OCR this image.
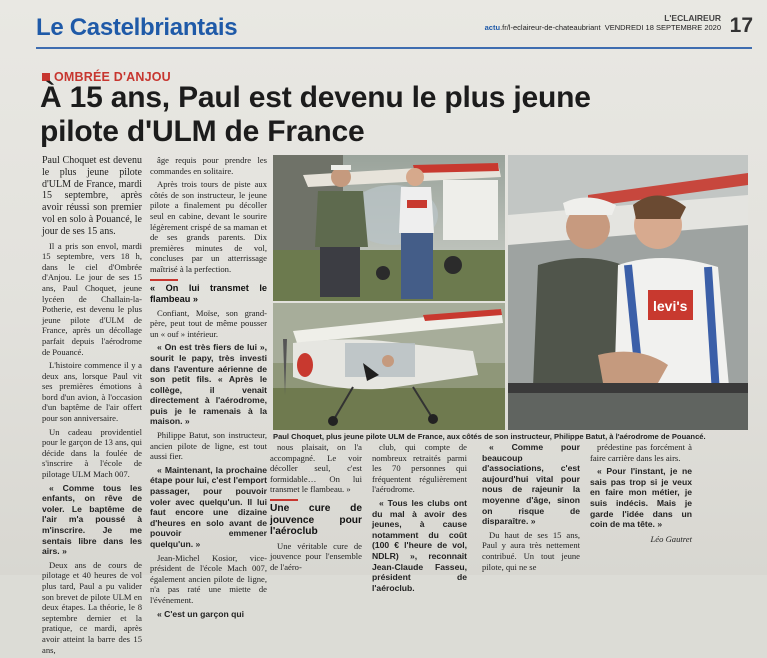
Le Castelbriantais	L'ECLAIREUR
actu.fr/l-eclaireur-de-chateaubriant VENDREDI 18 SEPTEMBRE 2020 17
OMBRÉE D'ANJOU
À 15 ans, Paul est devenu le plus jeune
pilote d'ULM de France

Paul Choquet est devenu le plus jeune pilote d'ULM de France, mardi 15 septembre, après avoir réussi son premier vol en solo à Pouancé, le jour de ses 15 ans.

Il a pris son envol, mardi 15 septembre, vers 18 h, dans le ciel d'Ombrée d'Anjou. Le jour de ses 15 ans, Paul Choquet, jeune lycéen de Challain-la-Potherie, est devenu le plus jeune pilote d'ULM de France, après un décollage parfait depuis l'aérodrome de Pouancé.

L'histoire commence il y a deux ans, lorsque Paul vit ses premières émotions à bord d'un avion, à l'occasion d'un baptême de l'air offert pour son anniversaire.

Un cadeau providentiel pour le garçon de 13 ans, qui décide dans la foulée de s'inscrire à l'école de pilotage ULM Mach 007.

« Comme tous les enfants, on rêve de voler. Le baptême de l'air m'a poussé à m'inscrire. Je me sentais libre dans les airs. »

Deux ans de cours de pilotage et 40 heures de vol plus tard, Paul a pu valider son brevet de pilote ULM en deux étapes. La théorie, le 8 septembre dernier et la pratique, ce mardi, après avoir atteint la barre des 15 ans,

âge requis pour prendre les commandes en solitaire.

Après trois tours de piste aux côtés de son instructeur, le jeune pilote a finalement pu décoller seul en cabine, devant le sourire légèrement crispé de sa maman et de ses grands parents. Dix premières minutes de vol, concluses par un atterrissage maîtrisé à la perfection.

« On lui transmet le flambeau »

Confiant, Moïse, son grand-père, peut tout de même pousser un « ouf » intérieur.

« On est très fiers de lui », sourit le papy, très investi dans l'aventure aérienne de son petit fils. « Après le collège, il venait directement à l'aérodrome, puis je le ramenais à la maison. »

Philippe Batut, son instructeur, ancien pilote de ligne, est tout aussi fier.

« Maintenant, la prochaine étape pour lui, c'est l'emport passager, pour pouvoir voler avec quelqu'un. Il lui faut encore une dizaine d'heures en solo avant de pouvoir emmener quelqu'un. »

Jean-Michel Kosior, vice-président de l'école Mach 007, également ancien pilote de ligne, n'a pas raté une miette de l'événement.

« C'est un garçon qui

levi's
Paul Choquet, plus jeune pilote ULM de France, aux côtés de son instructeur, Philippe Batut, à l'aérodrome de Pouancé.

nous plaisait, on l'a accompagné. Le voir décoller seul, c'est formidable… On lui transmet le flambeau. »

Une cure de jouvence pour l'aéroclub

Une véritable cure de jouvence pour l'ensemble de l'aéro-

club, qui compte de nombreux retraités parmi les 70 personnes qui fréquentent régulièrement l'aérodrome.

« Tous les clubs ont du mal à avoir des jeunes, à cause notamment du coût (100 € l'heure de vol, NDLR) », reconnait Jean-Claude Fasseu, président de l'aéroclub.

« Comme pour beaucoup d'associations, c'est aujourd'hui vital pour nous de rajeunir la moyenne d'âge, sinon on risque de disparaître. »

Du haut de ses 15 ans, Paul y aura très nettement contribué. Un tout jeune pilote, qui ne se

prédestine pas forcément à faire carrière dans les airs.

« Pour l'instant, je ne sais pas trop si je veux en faire mon métier, je suis indécis. Mais je garde l'idée dans un coin de ma tête. »

Léo Gautret
